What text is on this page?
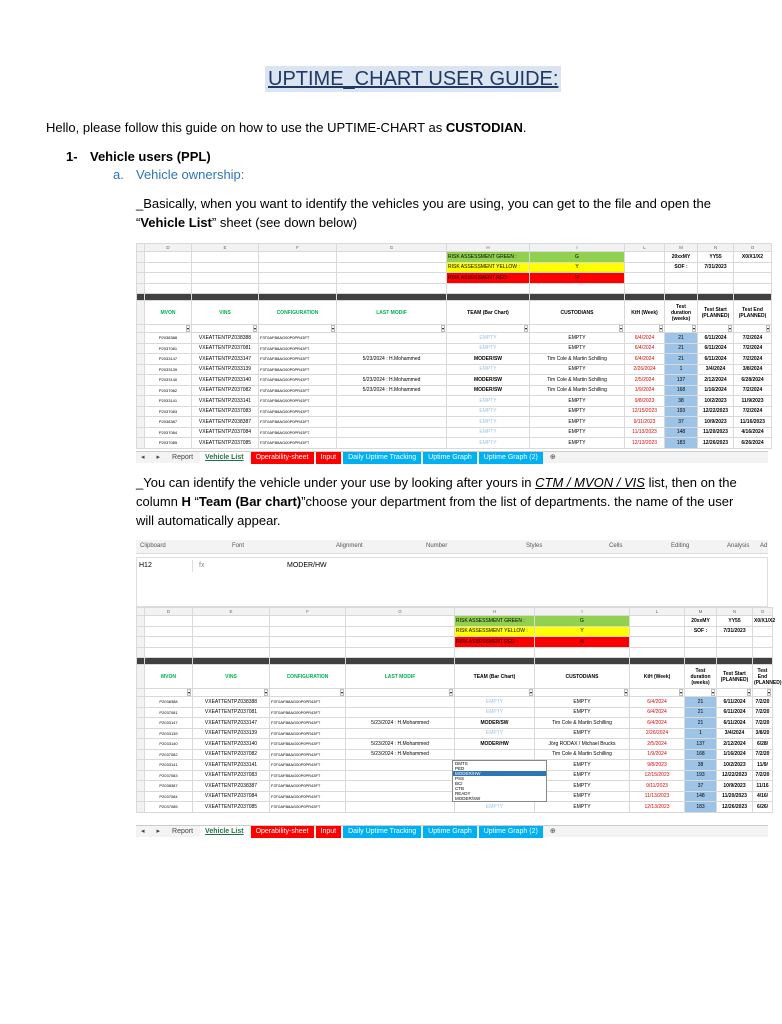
UPTIME_CHART USER GUIDE:
Hello, please follow this guide on how to use the UPTIME-CHART as CUSTODIAN.
1- Vehicle users (PPL)
a. Vehicle ownership:
_Basically, when you want to identify the vehicles you are using, you can get to the file and open the
“Vehicle List” sheet (see down below)
	D	E	F	G	H	I	L	M	N	O
					RISK ASSESSMENT GREEN :	G		20xxMY	YY55	X0/X1/X2
					RISK ASSESSMENT YELLOW :	Y		SOF :	7/31/2023	
					RISK ASSESSMENT RED :	R				

	MVON	VINS	CONFIGURATION	LAST MODIF	TEAM (Bar Chart)	CUSTODIANS	KtH (Week)	Test duration (weeks)	Test Start (PLANNED)	Test End (PLANNED)

	▾	▾	▾	▾	▾	▾	▾	▾	▾	▾

	P2038388	VXEATTENTPZ038388	F3T0AFB8AG00P0PR43FT		EMPTY	EMPTY	6/4/2024	21	6/11/2024	7/2/2024
	P2037081	VXEATTENTPZ037081	F3T0AFB8AG00P0PR43FT		EMPTY	EMPTY	6/4/2024	21	6/11/2024	7/2/2024
	P2033147	VXEATTENTPZ033147	F3T0AFB8AG00P0PR43FT	5/23/2024 : H.Mohammed	MODER/SW	Tim Cole & Martin Schilling	6/4/2024	21	6/11/2024	7/2/2024
	P2033139	VXEATTENTPZ033139	F3T0AFB8AG00P0PR43FT		EMPTY	EMPTY	2/26/2024	1	3/4/2024	3/8/2024
	P2033140	VXEATTENTPZ033140	F3T0AFB8AG00P0PR43FT	5/23/2024 : H.Mohammed	MODER/SW	Tim Cole & Martin Schilling	2/5/2024	137	2/12/2024	6/28/2024
	P2037082	VXEATTENTPZ037082	F3T0AFB8AG00P0PR43FT	5/23/2024 : H.Mohammed	MODER/SW	Tim Cole & Martin Schilling	1/9/2024	168	1/16/2024	7/2/2024
	P2033141	VXEATTENTPZ033141	F3T0AFB8AG00P0PR43FT		EMPTY	EMPTY	9/8/2023	38	10/2/2023	11/9/2023
	P2037083	VXEATTENTPZ037083	F3T0AFB8AG00P0PR43FT		EMPTY	EMPTY	12/15/2023	193	12/22/2023	7/2/2024
	P2038387	VXEATTENTPZ038387	F3T0AFB8AG00P0PR43FT		EMPTY	EMPTY	9/11/2023	37	10/9/2023	11/16/2023
	P2037084	VXEATTENTPZ037084	F3T0AFB8AG00P0PR43FT		EMPTY	EMPTY	11/13/2023	148	11/20/2023	4/16/2024
	P2037085	VXEATTENTPZ037085	F3T0AFB8AG00P0PR43FT		EMPTY	EMPTY	12/13/2023	183	12/26/2023	6/26/2024
◂	▸	Report	Vehicle List	Operability-sheet	Input	Daily Uptime Tracking	Uptime Graph	Uptime Graph (2)	⊕
_You can identify the vehicle under your use by looking after yours in CTM / MVON / VIS list, then on the
column H “Team (Bar chart)”choose your department from the list of departments. the name of the user
will automatically appear.
Clipboard	Font	Alignment	Number	Styles	Cells	Editing	Analysis Ad
H12	fx	MODER/HW
	D	E	F	G	H	I	L	M	N	O
					RISK ASSESSMENT GREEN :	G		20xxMY	YY55	X0/X1/X2
					RISK ASSESSMENT YELLOW :	Y		SOF :	7/31/2023	
					RISK ASSESSMENT RED :	R				

	MVON	VINS	CONFIGURATION	LAST MODIF	TEAM (Bar Chart)	CUSTODIANS	KtH (Week)	Test duration (weeks)	Test Start (PLANNED)	Test End (PLANNED)

	▾	▾	▾	▾	▾	▾	▾	▾	▾	▾

	P2038388	VXEATTENTPZ038388	F3T0AFB8AG00P0PR43FT		EMPTY	EMPTY	6/4/2024	21	6/11/2024	7/2/20
	P2037081	VXEATTENTPZ037081	F3T0AFB8AG00P0PR43FT		EMPTY	EMPTY	6/4/2024	21	6/11/2024	7/2/20
	P2033147	VXEATTENTPZ033147	F3T0AFB8AG00P0PR43FT	5/23/2024 : H.Mohammed	MODER/SW	Tim Cole & Martin Schilling	6/4/2024	21	6/11/2024	7/2/20
	P2033139	VXEATTENTPZ033139	F3T0AFB8AG00P0PR43FT		EMPTY	EMPTY	2/26/2024	1	3/4/2024	3/8/20
	P2033140	VXEATTENTPZ033140	F3T0AFB8AG00P0PR43FT	5/23/2024 : H.Mohammed	MODER/HW	Jörg RODAX / Michael Brucks	2/5/2024	137	2/12/2024	6/28/
	P2037082	VXEATTENTPZ037082	F3T0AFB8AG00P0PR43FT	5/23/2024 : H.Mohammed		Tim Cole & Martin Schilling	1/9/2024	168	1/16/2024	7/2/20
	P2033141	VXEATTENTPZ033141	F3T0AFB8AG00P0PR43FT			EMPTY	9/8/2023	38	10/2/2023	11/9/
	P2037083	VXEATTENTPZ037083	F3T0AFB8AG00P0PR43FT			EMPTY	12/15/2023	193	12/22/2023	7/2/20
	P2038387	VXEATTENTPZ038387	F3T0AFB8AG00P0PR43FT			EMPTY	9/11/2023	37	10/9/2023	11/16
	P2037084	VXEATTENTPZ037084	F3T0AFB8AG00P0PR43FT			EMPTY	11/13/2023	148	11/20/2023	4/16/
	P2037085	VXEATTENTPZ037085	F3T0AFB8AG00P0PR43FT		EMPTY	EMPTY	12/13/2023	183	12/26/2023	6/26/
◂	▸	Report	Vehicle List	Operability-sheet	Input	Daily Uptime Tracking	Uptime Graph	Uptime Graph (2)	⊕
DMTS
PED
MODER/HW
PSS
BCI
CTB
READY
MODER/SW
